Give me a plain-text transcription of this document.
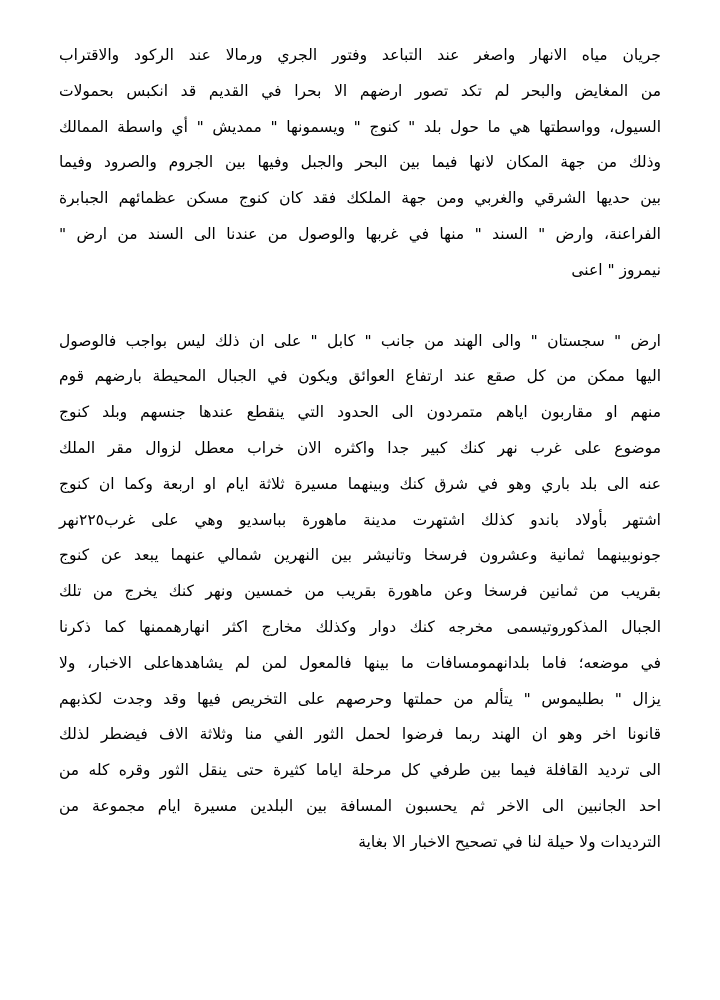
جريان مياه الانهار واصغر عند التباعد وفتور الجري ورمالا عند الركود والاقتراب
من المغايض والبحر لم تكد تصور ارضهم الا بحرا في القديم قد انكبس بحمولات
السيول، وواسطتها هي ما حول بلد " كنوج " ويسمونها " ممديش " أي واسطة الممالك
وذلك من جهة المكان لانها فيما بين البحر والجبل وفيها بين الجروم والصرود وفيما
بين حديها الشرقي والغربي ومن جهة الملكك فقد كان كنوج مسكن عظمائهم الجبابرة
الفراعنة، وارض " السند " منها في غربها والوصول من عندنا الى السند من ارض "
نيمروز " اعنى
ارض " سجستان " والى الهند من جانب " كابل " على ان ذلك ليس بواجب فالوصول
اليها ممكن من كل صقع عند ارتفاع العوائق ويكون في الجبال المحيطة بارضهم قوم
منهم او مقاربون اياهم متمردون الى الحدود التي ينقطع عندها جنسهم وبلد كنوج
موضوع على غرب نهر كنك كبير جدا واكثره الان خراب معطل لزوال مقر الملك
عنه الى بلد باري وهو في شرق كنك وبينهما مسيرة ثلاثة ايام او اربعة وكما ان كنوج
اشتهر بأولاد باندو كذلك اشتهرت مدينة ماهورة بباسديو وهي على غرب٢٢٥نهر
جونوبينهما ثمانية وعشرون فرسخا وتانيشر بين النهرين شمالي عنهما يبعد عن كنوج
بقريب من ثمانين فرسخا وعن ماهورة بقريب من خمسين ونهر كنك يخرج من تلك
الجبال المذكوروتيسمى مخرجه كنك دوار وكذلك مخارج اكثر انهارهممنها كما ذكرنا
في موضعه؛ فاما بلدانهمومسافات ما بينها فالمعول لمن لم يشاهدهاعلى الاخبار، ولا
يزال " بطليموس " يتألم من حملتها وحرصهم على التخريص فيها وقد وجدت لكذبهم
قانونا اخر وهو ان الهند ربما فرضوا لحمل الثور الفي منا وثلاثة الاف فيضطر لذلك
الى ترديد القافلة فيما بين طرفي كل مرحلة اياما كثيرة حتى ينقل الثور وقره كله من
احد الجانبين الى الاخر ثم يحسبون المسافة بين البلدين مسيرة ايام مجموعة من
الترديدات ولا حيلة لنا في تصحيح الاخبار الا بغاية
